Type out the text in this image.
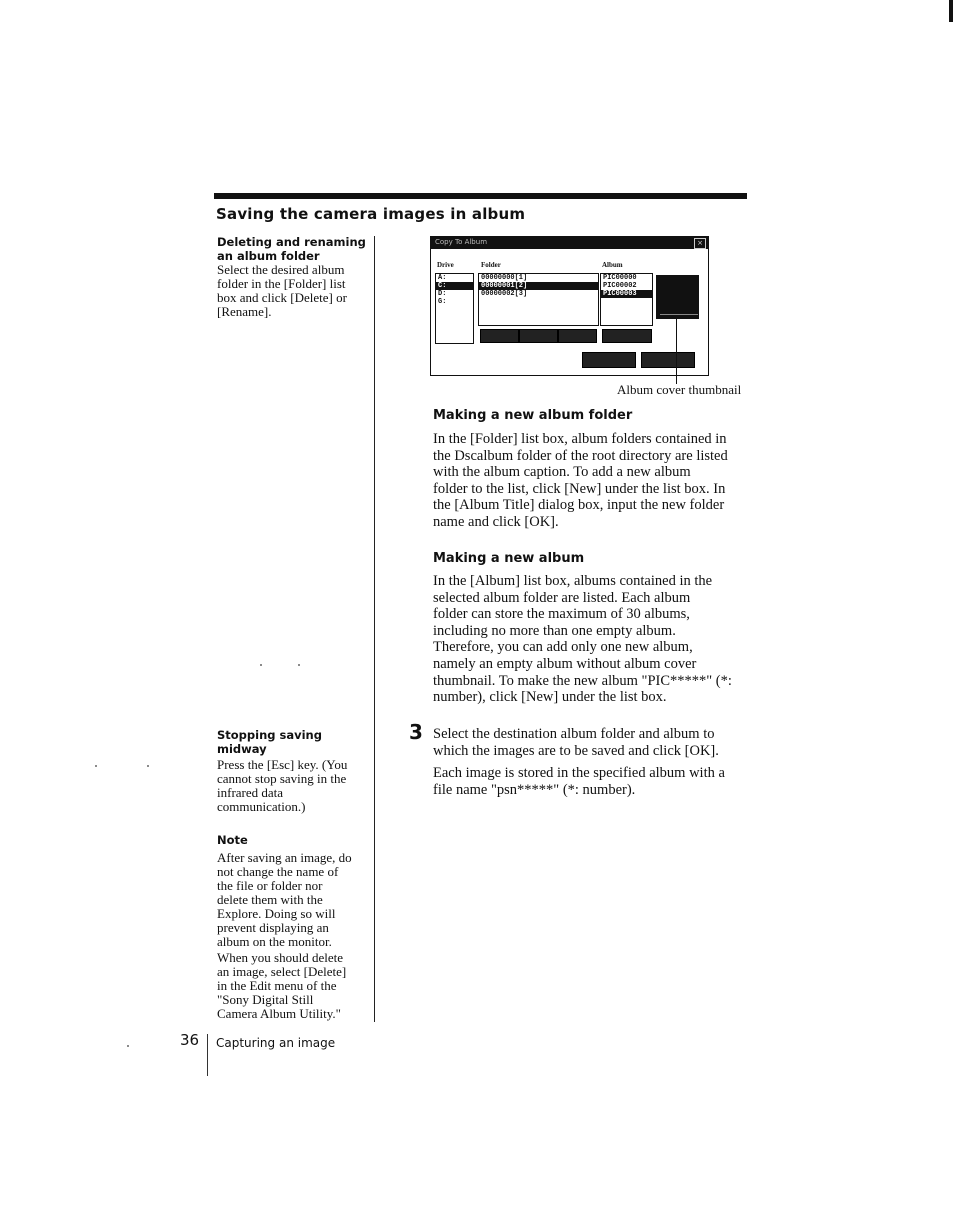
Saving the camera images in album
Deleting and renaming
an album folder
Select the desired album
folder in the [Folder] list
box and click [Delete] or
[Rename].
Stopping saving
midway
Press the [Esc] key. (You
cannot stop saving in the
infrared data
communication.)
Note
After saving an image, do
not change the name of
the file or folder nor
delete them with the
Explore. Doing so will
prevent displaying an
album on the monitor.
When you should delete
an image, select [Delete]
in the Edit menu of the
"Sony Digital Still
Camera Album Utility."
Copy To Album	×
Drive	Folder	Album
A:
C:
D:
G:
00000000[1]
00000001[2]
00000002[3]
PIC00000
PIC00002
PIC00003
Album cover thumbnail
Making a new album folder
In the [Folder] list box, album folders contained in
the Dscalbum folder of the root directory are listed
with the album caption. To add a new album
folder to the list, click [New] under the list box. In
the [Album Title] dialog box, input the new folder
name and click [OK].
Making a new album
In the [Album] list box, albums contained in the
selected album folder are listed. Each album
folder can store the maximum of 30 albums,
including no more than one empty album.
Therefore, you can add only one new album,
namely an empty album without album cover
thumbnail. To make the new album "PIC*****" (*:
number), click [New] under the list box.
3 Select the destination album folder and album to
which the images are to be saved and click [OK].
Each image is stored in the specified album with a
file name "psn*****" (*: number).
36 Capturing an image
